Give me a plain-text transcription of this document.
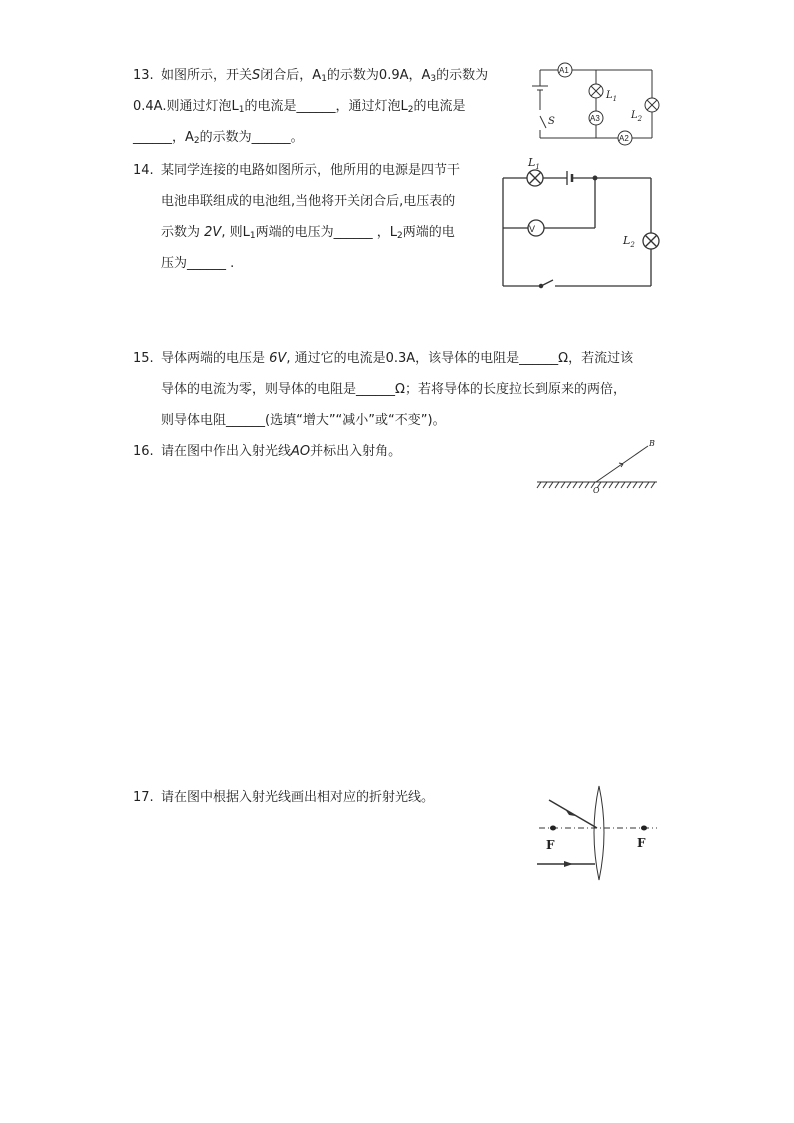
13. 如图所示，开关S闭合后，$A_1$的示数为0.9A，$A_3$的示数为
0.4A.则通过灯泡$L_1$的电流是______，通过灯泡$L_2$的电流是
______，$A_2$的示数为______。
A1
A3
A2
$L_1$
$L_2$
S
14. 某同学连接的电路如图所示，他所用的电源是四节干
电池串联组成的电池组,当他将开关闭合后,电压表的
示数为 2V, 则$L_1$两端的电压为______ ，$L_2$两端的电
压为______ .
V
$L_1$
$L_2$
15. 导体两端的电压是 6V, 通过它的电流是0.3A，该导体的电阻是______Ω，若流过该
导体的电流为零，则导体的电阻是______Ω；若将导体的长度拉长到原来的两倍，
则导体电阻______(选填“增大”“减小”或“不变”)。
16. 请在图中作出入射光线AO并标出入射角。
B
O
17. 请在图中根据入射光线画出相对应的折射光线。
F	F
